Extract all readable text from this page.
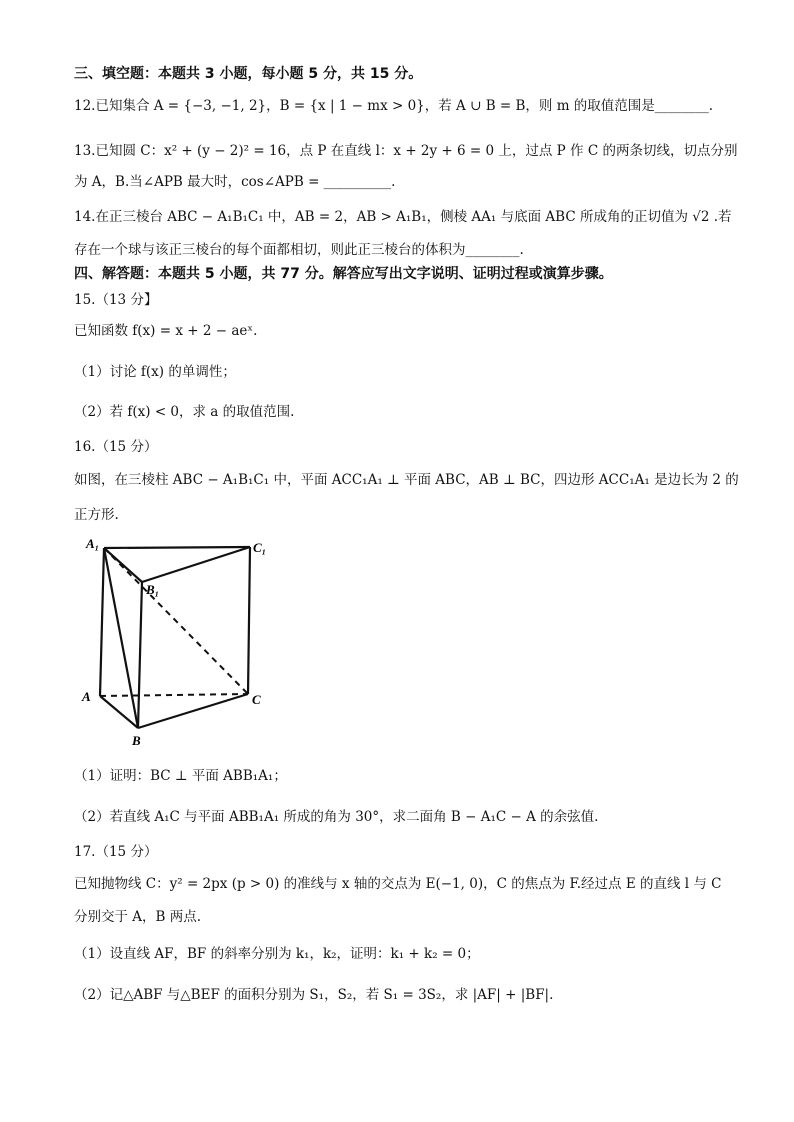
三、填空题：本题共 3 小题，每小题 5 分，共 15 分。
12.已知集合 A = {−3, −1, 2}，B = {x | 1 − mx > 0}，若 A ∪ B = B，则 m 的取值范围是________.
13.已知圆 C：x² + (y − 2)² = 16，点 P 在直线 l：x + 2y + 6 = 0 上，过点 P 作 C 的两条切线，切点分别
为 A，B.当∠APB 最大时，cos∠APB = __________.
14.在正三棱台 ABC − A₁B₁C₁ 中，AB = 2，AB > A₁B₁，侧棱 AA₁ 与底面 ABC 所成角的正切值为 √2 .若
存在一个球与该正三棱台的每个面都相切，则此正三棱台的体积为________.
四、解答题：本题共 5 小题，共 77 分。解答应写出文字说明、证明过程或演算步骤。
15.（13 分】
已知函数 f(x) = x + 2 − aeˣ.
（1）讨论 f(x) 的单调性；
（2）若 f(x) < 0，求 a 的取值范围.
16.（15 分）
如图，在三棱柱 ABC − A₁B₁C₁ 中，平面 ACC₁A₁ ⊥ 平面 ABC，AB ⊥ BC，四边形 ACC₁A₁ 是边长为 2 的
正方形.
A₁	C₁
B₁
A	C
B
（1）证明：BC ⊥ 平面 ABB₁A₁；
（2）若直线 A₁C 与平面 ABB₁A₁ 所成的角为 30°，求二面角 B − A₁C − A 的余弦值.
17.（15 分）
已知抛物线 C：y² = 2px (p > 0) 的准线与 x 轴的交点为 E(−1, 0)，C 的焦点为 F.经过点 E 的直线 l 与 C
分别交于 A，B 两点.
（1）设直线 AF，BF 的斜率分别为 k₁，k₂，证明：k₁ + k₂ = 0；
（2）记△ABF 与△BEF 的面积分别为 S₁，S₂，若 S₁ = 3S₂，求 |AF| + |BF|.
